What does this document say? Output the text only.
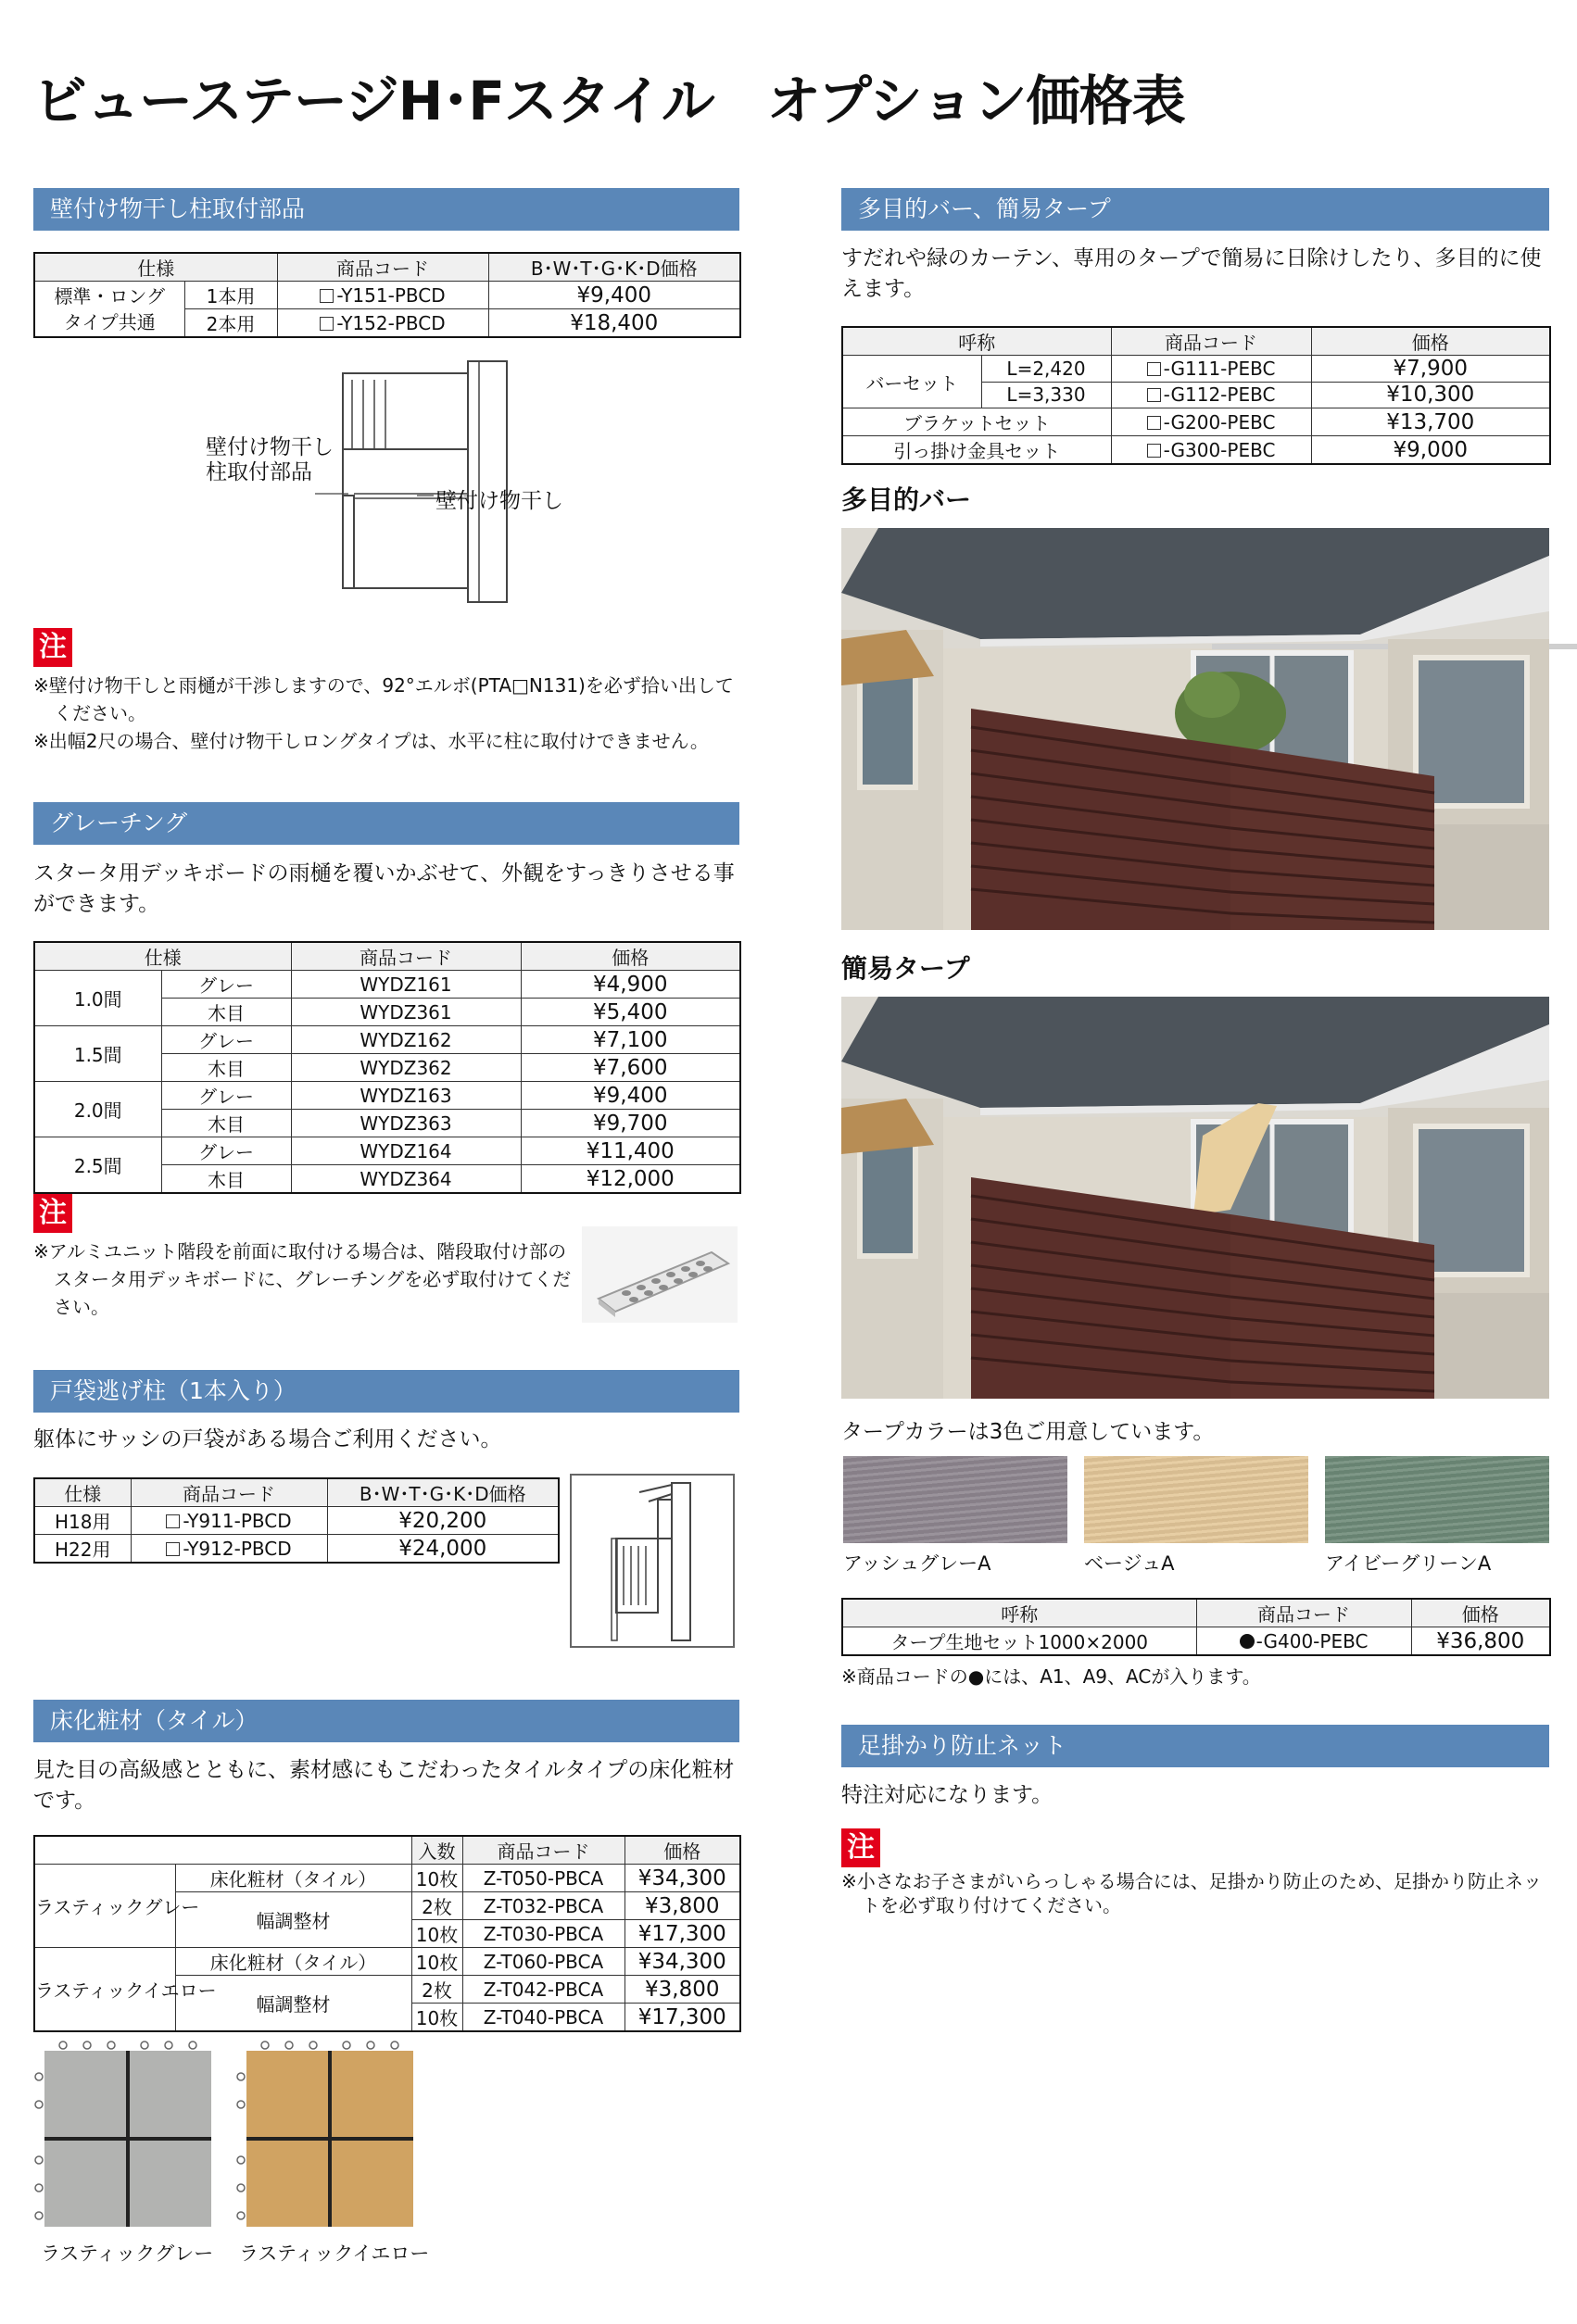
ビューステージH･Fスタイル　オプション価格表
壁付け物干し柱取付部品
仕様		商品コード	B･W･T･G･K･D価格

標準・ロング
タイプ共通	1本用	-Y151-PBCD	¥9,400
	2本用	-Y152-PBCD	¥18,400
壁付け物干し
柱取付部品
壁付け物干し
注
※壁付け物干しと雨樋が干渉しますので、92°エルボ(PTA□N131)を必ず拾い出してください。
※出幅2尺の場合、壁付け物干しロングタイプは、水平に柱に取付けできません。
グレーチング
スタータ用デッキボードの雨樋を覆いかぶせて、外観をすっきりさせる事ができます。
仕様		商品コード	価格
1.0間	グレー	WYDZ161	¥4,900
	木目	WYDZ361	¥5,400
1.5間	グレー	WYDZ162	¥7,100
	木目	WYDZ362	¥7,600
2.0間	グレー	WYDZ163	¥9,400
	木目	WYDZ363	¥9,700
2.5間	グレー	WYDZ164	¥11,400
	木目	WYDZ364	¥12,000
注
※アルミユニット階段を前面に取付ける場合は、階段取付け部のスタータ用デッキボードに、グレーチングを必ず取付けてください。
戸袋逃げ柱（1本入り）
躯体にサッシの戸袋がある場合ご利用ください。
仕様	商品コード	B･W･T･G･K･D価格
H18用	-Y911-PBCD	¥20,200
H22用	-Y912-PBCD	¥24,000
床化粧材（タイル）
見た目の高級感とともに、素材感にもこだわったタイルタイプの床化粧材です。
		入数	商品コード	価格
ラスティックグレー	床化粧材（タイル）	10枚	Z-T050-PBCA	¥34,300
	幅調整材	2枚	Z-T032-PBCA	¥3,800
		10枚	Z-T030-PBCA	¥17,300
ラスティックイエロー	床化粧材（タイル）	10枚	Z-T060-PBCA	¥34,300
	幅調整材	2枚	Z-T042-PBCA	¥3,800
		10枚	Z-T040-PBCA	¥17,300
ラスティックグレー ラスティックイエロー
多目的バー、簡易タープ
すだれや緑のカーテン、専用のタープで簡易に日除けしたり、多目的に使えます。
呼称		商品コード	価格
バーセット	L=2,420	-G111-PEBC	¥7,900
	L=3,330	-G112-PEBC	¥10,300
ブラケットセット		-G200-PEBC	¥13,700
引っ掛け金具セット		-G300-PEBC	¥9,000
多目的バー
簡易タープ
タープカラーは3色ご用意しています。
アッシュグレーA	ベージュA	アイビーグリーンA
呼称	商品コード	価格
タープ生地セット1000×2000	-G400-PEBC	¥36,800
※商品コードの●には、A1、A9、ACが入ります。
足掛かり防止ネット
特注対応になります。
注
※小さなお子さまがいらっしゃる場合には、足掛かり防止のため、足掛かり防止ネットを必ず取り付けてください。
